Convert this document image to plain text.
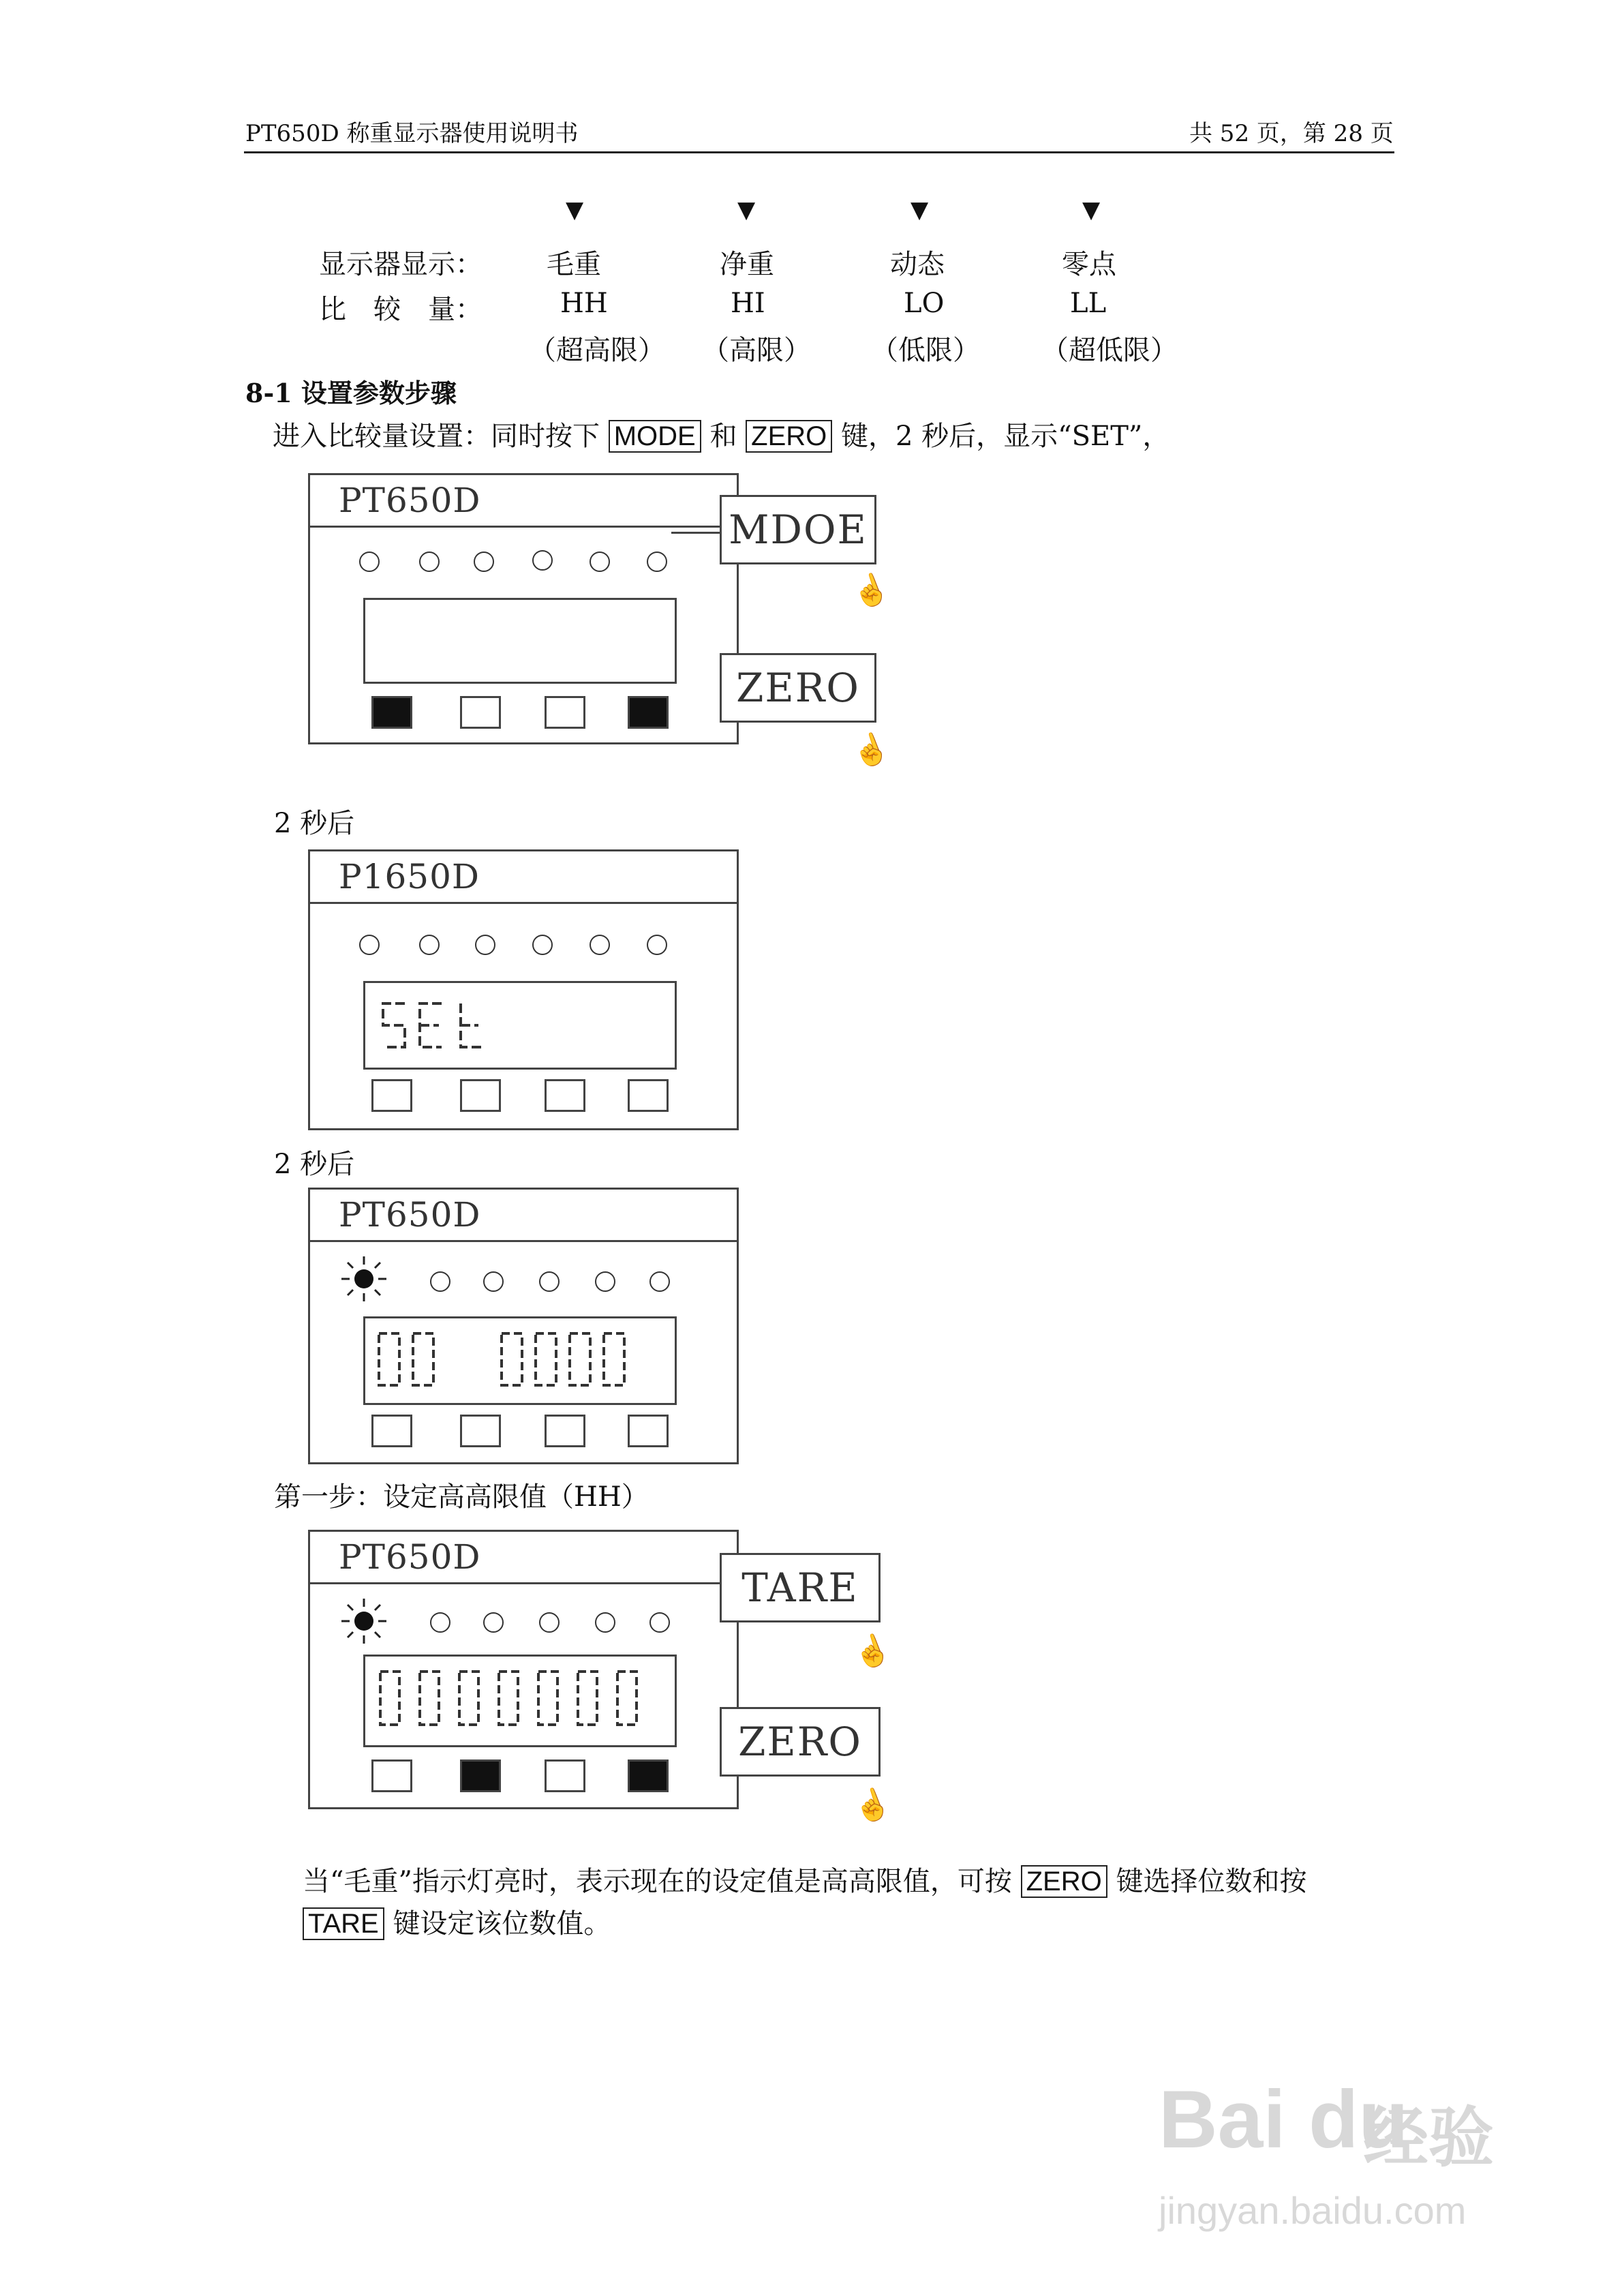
PT650D 称重显示器使用说明书	共 52 页，第 28 页
▼	▼	▼	▼
显示器显示： 毛重	净重	动态	零点
比　较　量：	HH	HI	LO	LL
（超高限） （高限） （低限） （超低限）
8-1 设置参数步骤
进入比较量设置：同时按下 MODE 和 ZERO 键，2 秒后，显示“SET”，
PT650D
MDOE
☝
ZERO
☝
2 秒后
P1650D
2 秒后
PT650D
第一步：设定高高限值（HH）
PT650D
TARE
☝
ZERO
☝
当“毛重”指示灯亮时，表示现在的设定值是高高限值，可按 ZERO 键选择位数和按
TARE 键设定该位数值。
Bai du
经验
jingyan.baidu.com
